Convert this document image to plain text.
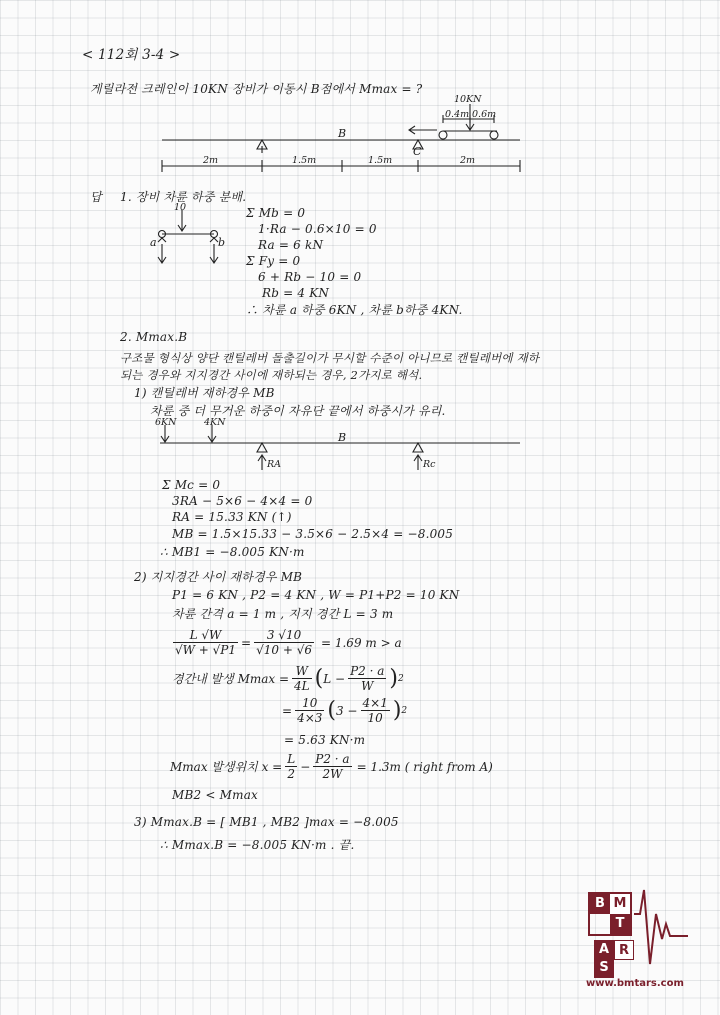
< 112회 3-4 >
게릴라전 크레인이 10KN 장비가 이동시 B점에서 Mmax = ?
10KN
0.4m 0.6m
B
C
2m	1.5m	1.5m	2m
답 1. 장비 차륜 하중 분배.
10
a	b
Σ Mb = 0
1·Ra − 0.6×10 = 0
Ra = 6 kN
Σ Fy = 0
6 + Rb − 10 = 0
Rb = 4 KN
∴ 차륜 a 하중 6KN , 차륜 b하중 4KN.
2. Mmax.B
구조물 형식상 양단 캔틸레버 돌출길이가 무시할 수준이 아니므로 캔틸레버에 재하
되는 경우와 지지경간 사이에 재하되는 경우, 2가지로 해석.
1) 캔틸레버 재하경우 MB
차륜 중 더 무거운 하중이 자유단 끝에서 하중시가 유리.
6KN	4KN
B
RA	Rc
Σ Mc = 0
3RA − 5×6 − 4×4 = 0
RA = 15.33 KN (↑)
MB = 1.5×15.33 − 3.5×6 − 2.5×4 = −8.005
∴ MB1 = −8.005 KN·m
2) 지지경간 사이 재하경우 MB
P1 = 6 KN , P2 = 4 KN , W = P1+P2 = 10 KN
차륜 간격 a = 1 m , 지지 경간 L = 3 m
$\frac{L √W}{√W + √P1} = \frac{3 √10}{√10 + √6} = 1.69$ m > a
경간내 발생 $Mmax = \frac{W}{4L}$ ( $L - \frac{P2 \cdot a}{W}$ ) 2
= $\frac{10}{4\times 3}$ ( $3 - \frac{4\times 1}{10}$ ) 2
= 5.63 KN·m
Mmax 발생위치 $x = \frac{L}{2} - \frac{P2 \cdot a}{2W} = 1.3m$ ( right from A)
MB2 < Mmax
3) Mmax.B = [ MB1 , MB2 ]max = −8.005
∴ Mmax.B = −8.005 KN·m . 끝.
B M
T
A R
S
www.bmtars.com
